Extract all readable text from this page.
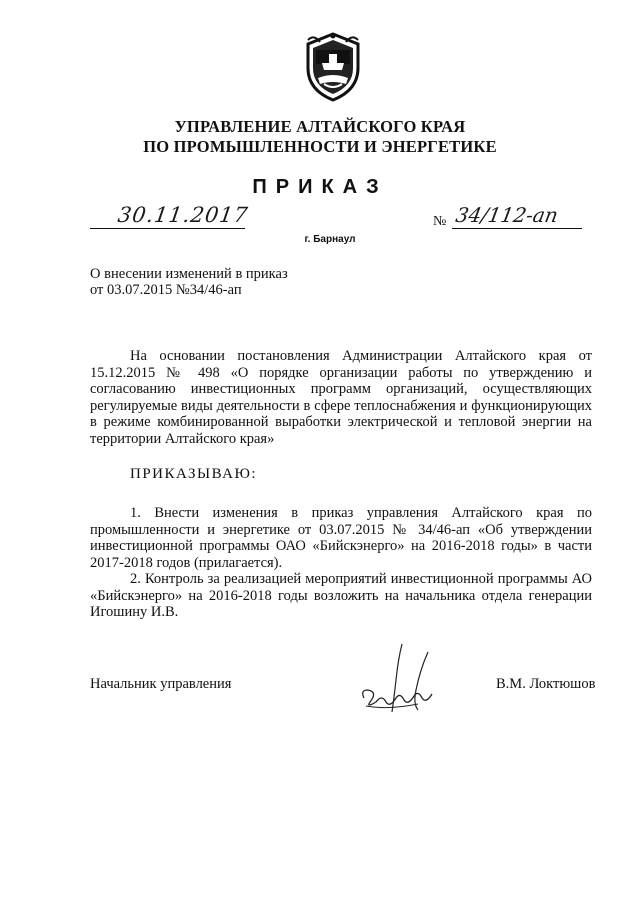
УПРАВЛЕНИЕ АЛТАЙСКОГО КРАЯ
ПО ПРОМЫШЛЕННОСТИ И ЭНЕРГЕТИКЕ
ПРИКАЗ
30.11.2017
г. Барнаул
№ 34/112-ап
О внесении изменений в приказ
от 03.07.2015 №34/46-ап
На основании постановления Администрации Алтайского края от 15.12.2015 № 498 «О порядке организации работы по утверждению и согласованию инвестиционных программ организаций, осуществляющих регулируемые виды деятельности в сфере теплоснабжения и функционирующих в режиме комбинированной выработки электрической и тепловой энергии на территории Алтайского края»
ПРИКАЗЫВАЮ:
1. Внести изменения в приказ управления Алтайского края по промышленности и энергетике от 03.07.2015 № 34/46-ап «Об утверждении инвестиционной программы ОАО «Бийскэнерго» на 2016-2018 годы» в части 2017-2018 годов (прилагается).
2. Контроль за реализацией мероприятий инвестиционной программы АО «Бийскэнерго» на 2016-2018 годы возложить на начальника отдела генерации Игошину И.В.
Начальник управления	В.М. Локтюшов
